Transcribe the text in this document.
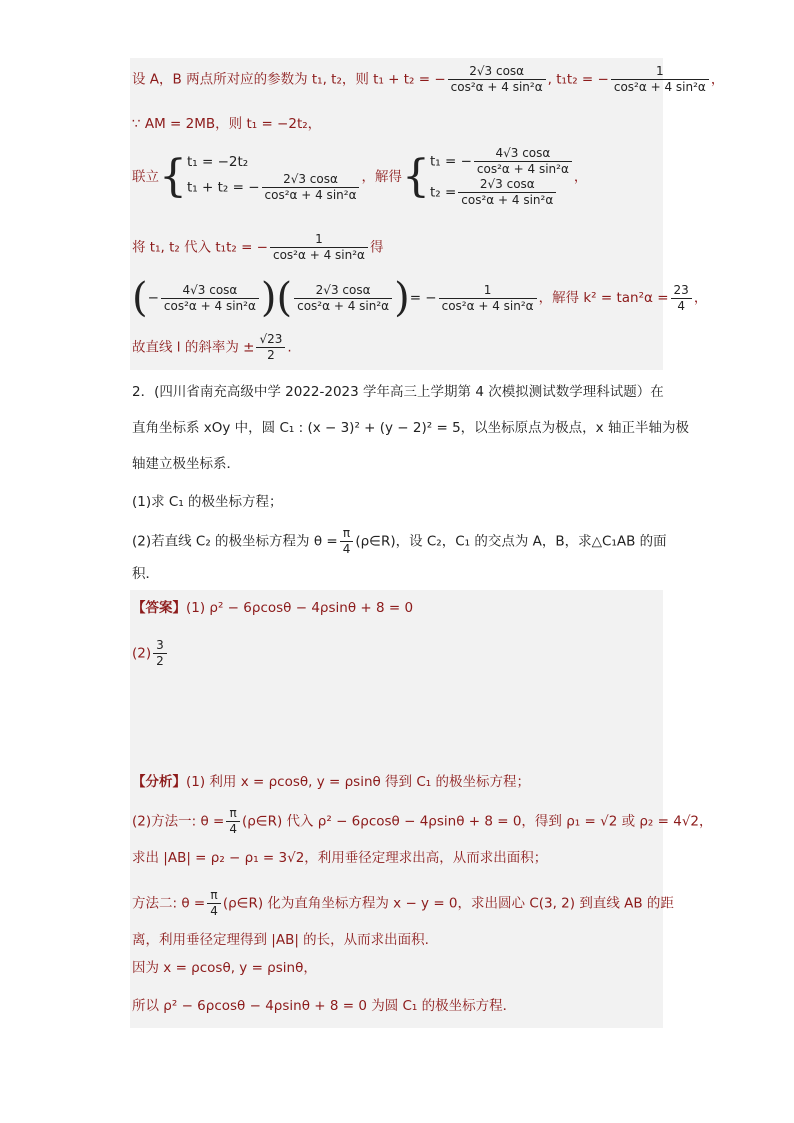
设 A，B 两点所对应的参数为 t₁, t₂，则 t₁ + t₂ = − $\frac{2√3 \cos\alpha}{\text{cos²α + 4 sin²α}}$ , t₁t₂ = − $\frac{1}{\text{cos²α + 4 sin²α}}$ ，
∵ AM = 2MB，则 t₁ = −2t₂，
联立{ t₁ = −2t₂
t₁ + t₂ = − $\frac{2√3 \cos\alpha}{\text{cos²α + 4 sin²α}}$ ，解得{ t₁ = − $\frac{4√3 \cos\alpha}{\text{cos²α + 4 sin²α}}$
$t_2 = \frac{2√3 \cos\alpha}{\text{cos²α + 4 sin²α}}$ ，
将 t₁, t₂ 代入 t₁t₂ = − $\frac{1}{\text{cos²α + 4 sin²α}}$ 得
(− $\frac{4√3 \cos\alpha}{\text{cos²α + 4 sin²α}}$ )( $\frac{2√3 \cos\alpha}{\text{cos²α + 4 sin²α}}$ )= − $\frac{1}{\text{cos²α + 4 sin²α}}$ ，解得 $k^2 = \tan^2\alpha = \frac{23}{4}$ ，
故直线 l 的斜率为 ± $\frac{√23}{2}$ .
2．(四川省南充高级中学 2022-2023 学年高三上学期第 4 次模拟测试数学理科试题）在
直角坐标系 xOy 中，圆 C₁ : (x − 3)² + (y − 2)² = 5，以坐标原点为极点，x 轴正半轴为极
轴建立极坐标系．
(1)求 C₁ 的极坐标方程；
(2)若直线 C₂ 的极坐标方程为 $\theta = \frac{\pi}{4}$ (ρ∈R)，设 C₂，C₁ 的交点为 A，B，求△C₁AB 的面
积．
【答案】(1) ρ² − 6ρcosθ − 4ρsinθ + 8 = 0
$(2) \frac{3}{2}$
【分析】(1) 利用 x = ρcosθ, y = ρsinθ 得到 C₁ 的极坐标方程；
(2)方法一: $\theta = \frac{\pi}{4}$ (ρ∈R) 代入 ρ² − 6ρcosθ − 4ρsinθ + 8 = 0，得到 ρ₁ = √2 或 ρ₂ = 4√2，
求出 |AB| = ρ₂ − ρ₁ = 3√2，利用垂径定理求出高，从而求出面积；
方法二: $\theta = \frac{\pi}{4}$ (ρ∈R) 化为直角坐标方程为 x − y = 0，求出圆心 C(3, 2) 到直线 AB 的距
离，利用垂径定理得到 |AB| 的长，从而求出面积.
因为 x = ρcosθ, y = ρsinθ，
所以 ρ² − 6ρcosθ − 4ρsinθ + 8 = 0 为圆 C₁ 的极坐标方程．
